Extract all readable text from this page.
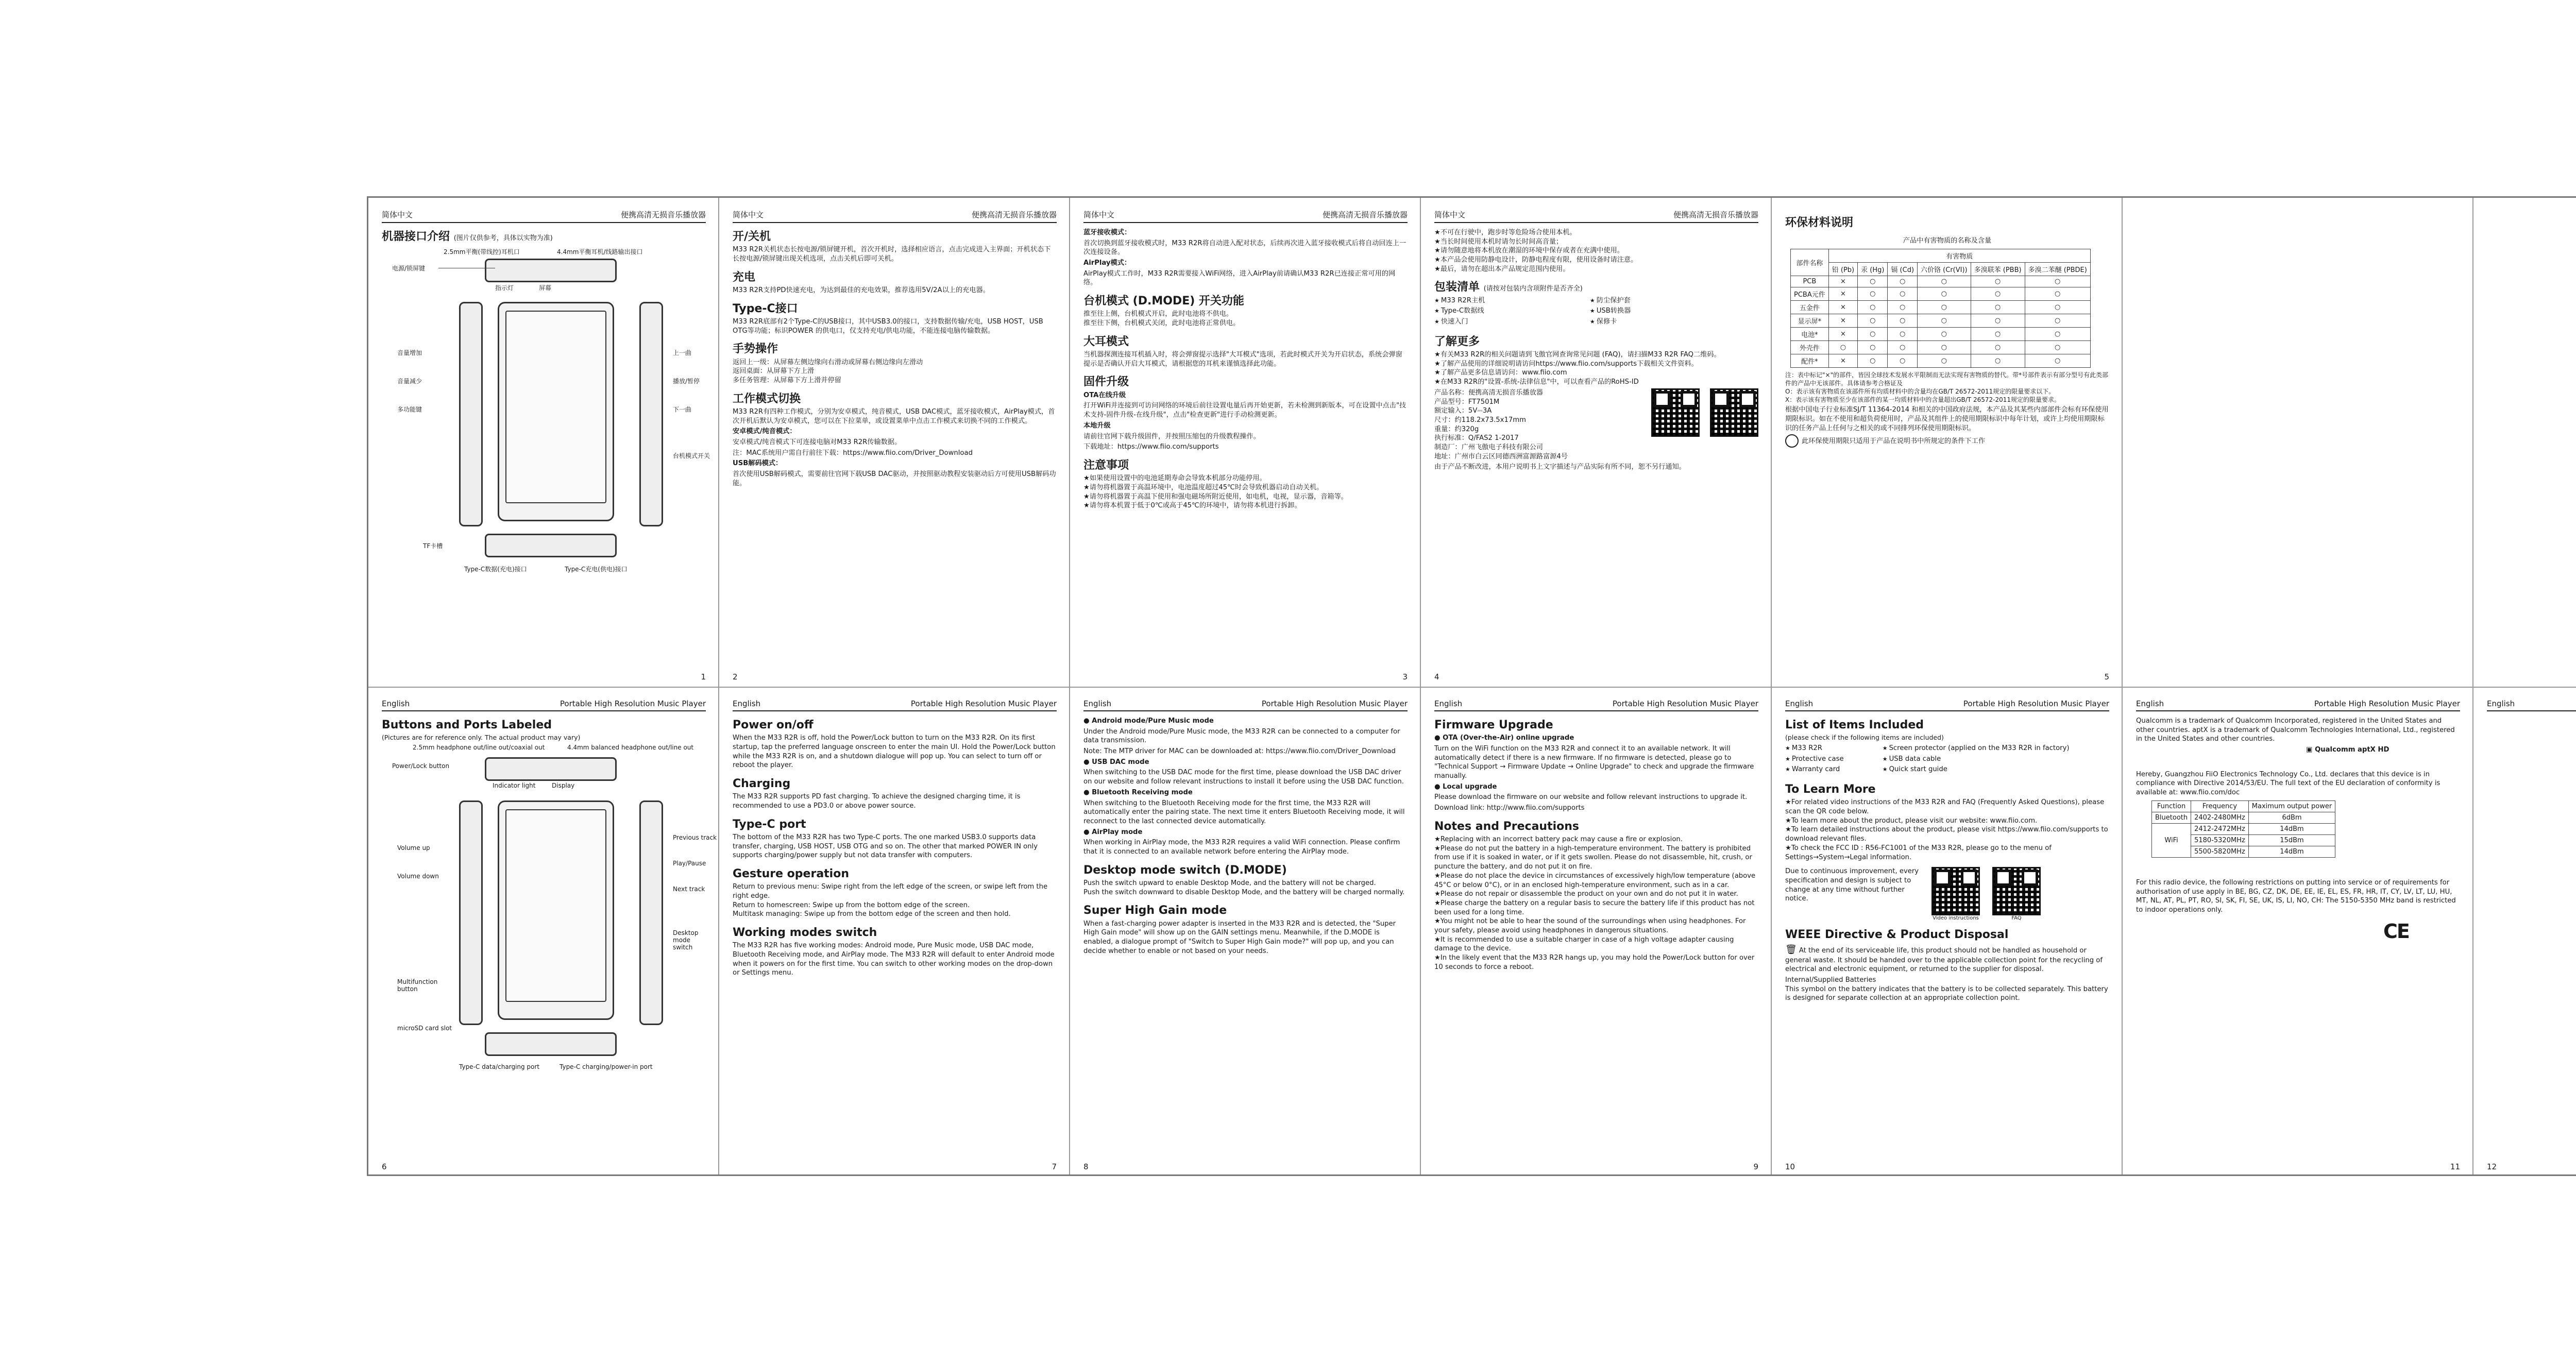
简体中文	便携高清无损音乐播放器
机器接口介绍 (图片仅供参考，具体以实物为准)
2.5mm平衡(带线控)耳机口	4.4mm平衡耳机/线路输出接口
电源/锁屏键
指示灯	屏幕
音量增加
音量减少
多功能键
上一曲
播放/暂停
下一曲
台机模式开关
TF卡槽
Type-C数据(充电)接口	Type-C充电(供电)接口
1
简体中文	便携高清无损音乐播放器
开/关机

M33 R2R关机状态长按电源/锁屏键开机，首次开机时，选择相应语言，点击完成进入主界面；开机状态下长按电源/锁屏键出现关机选项，点击关机后即可关机。

充电

M33 R2R支持PD快速充电，为达到最佳的充电效果，推荐选用5V/2A以上的充电器。

Type-C接口

M33 R2R底部有2个Type-C的USB接口，其中USB3.0的接口，支持数据传输/充电，USB HOST，USB OTG等功能；标识POWER 的供电口，仅支持充电/供电功能，不能连接电脑传输数据。

手势操作

返回上一级：从屏幕左侧边缘向右滑动或屏幕右侧边缘向左滑动
返回桌面：从屏幕下方上滑
多任务管理：从屏幕下方上滑并停留

工作模式切换

M33 R2R有四种工作模式，分别为安卓模式，纯音模式，USB DAC模式，蓝牙接收模式，AirPlay模式，首次开机后默认为安卓模式，您可以在下拉菜单，或设置菜单中点击工作模式来切换不同的工作模式。

安卓模式/纯音模式：

安卓模式/纯音模式下可连接电脑对M33 R2R传输数据。

注：MAC系统用户需自行前往下载：https://www.fiio.com/Driver_Download

USB解码模式：

首次使用USB解码模式，需要前往官网下载USB DAC驱动，并按照驱动教程安装驱动后方可使用USB解码功能。

2
简体中文	便携高清无损音乐播放器

蓝牙接收模式：

首次切换到蓝牙接收模式时，M33 R2R将自动进入配对状态，后续再次进入蓝牙接收模式后将自动回连上一次连接设备。

AirPlay模式：

AirPlay模式工作时，M33 R2R需要接入WiFi网络，进入AirPlay前请确认M33 R2R已连接正常可用的网络。

台机模式 (D.MODE) 开关功能

推至往上侧，台机模式开启，此时电池将不供电。
推至往下侧，台机模式关闭，此时电池将正常供电。

大耳模式

当机器探测连接耳机插入时，将会弹窗提示选择"大耳模式"选项，若此时模式开关为开启状态，系统会弹窗提示是否确认开启大耳模式，请根据您的耳机来谨慎选择此功能。

固件升级

OTA在线升级

打开WiFi并连接到可访问网络的环境后前往设置电量后再开始更新，若未检测到新版本，可在设置中点击"技术支持-固件升级-在线升级"，点击"检查更新"进行手动检测更新。

本地升级

请前往官网下载升级固件，并按照压缩包的升级教程操作。

下载地址：https://www.fiio.com/supports

注意事项

★如果使用设置中的电池延期寿命会导致本机部分功能停用。
★请勿将机器置于高温环境中，电池温度超过45℃时会导致机器启动自动关机。
★请勿将机器置于高温下使用和强电磁场所附近使用，如电机，电视，显示器，音箱等。
★请勿将本机置于低于0℃或高于45℃的环境中，请勿将本机进行拆卸。

3
简体中文	便携高清无损音乐播放器

★不可在行驶中，跑步时等危险场合使用本机。
★当长时间使用本机时请勿长时间高音量；
★请勿随意地将本机放在潮湿的环境中保存或者在充满中使用。
★本产品会使用防静电设计，防静电程度有限，使用设备时请注意。
★最后，请勿在超出本产品规定范围内使用。

包装清单 (请按对包装内含项附件是否齐全)
★ M33 R2R主机	★ 防尘保护套
★ Type-C数据线	★ USB转换器
★ 快速入门	★ 保修卡
了解更多

★有关M33 R2R的相关问题请到飞傲官网查询常见问题 (FAQ)，请扫描M33 R2R FAQ二维码。
★了解产品使用的详细说明请访问https://www.fiio.com/supports下载相关文件资料。
★了解产品更多信息请访问：www.fiio.com
★在M33 R2R的"设置-系统-法律信息"中，可以查看产品的RoHS-ID

产品名称：便携高清无损音乐播放器
产品型号：FT7501M
额定输入：5V⎓3A
尺寸：约118.2x73.5x17mm
重量：约320g
执行标准：Q/FAS2 1-2017
制造厂：广州飞傲电子科技有限公司
地址：广州市白云区同德西洲富源路富源4号

由于产品不断改进，本用户说明书上文字描述与产品实际有所不同，恕不另行通知。

4
环保材料说明

产品中有害物质的名称及含量

部件名称	有害物质					
	铅 (Pb)	汞 (Hg)	镉 (Cd)	六价铬 (Cr(VI))	多溴联苯 (PBB)	多溴二苯醚 (PBDE)
PCB	×	○	○	○	○	○
PCBA元件	×	○	○	○	○	○
五金件	×	○	○	○	○	○
显示屏*	×	○	○	○	○	○
电池*	×	○	○	○	○	○
外壳件	○	○	○	○	○	○
配件*	×	○	○	○	○	○

注：表中标记"×"的部件，皆因全球技术发展水平限制而无法实现有害物质的替代。带*号部件表示有部分型号有此类部件的产品中无该部件。具体请参考合格证及
O：表示该有害物质在该部件所有均质材料中的含量均在GB/T 26572-2011规定的限量要求以下。
X：表示该有害物质至少在该部件的某一均质材料中的含量超出GB/T 26572-2011规定的限量要求。

根据中国电子行业标准SJ/T 11364-2014 和相关的中国政府法规，本产品及其某些内部部件会标有环保使用期限标识。如在不使用和超负荷使用时，产品及其组件上的使用期限标识中每年计划，或许上均使用期限标识的任务产品上任何与之相关的或不同排列环保使用期限标识。

此环保使用期限只适用于产品在说明书中所规定的条件下工作

5
English	Portable High Resolution Music Player
Buttons and Ports Labeled

(Pictures are for reference only. The actual product may vary)

2.5mm headphone out/line out/coaxial out	4.4mm balanced headphone out/line out
Power/Lock button
Indicator light	Display
Volume up
Volume down
Multifunction button
microSD card slot
Previous track
Play/Pause
Next track
Desktop mode switch
Type-C data/charging port	Type-C charging/power-in port
6
English	Portable High Resolution Music Player
Power on/off

When the M33 R2R is off, hold the Power/Lock button to turn on the M33 R2R. On its first startup, tap the preferred language onscreen to enter the main UI. Hold the Power/Lock button while the M33 R2R is on, and a shutdown dialogue will pop up. You can select to turn off or reboot the player.

Charging

The M33 R2R supports PD fast charging. To achieve the designed charging time, it is recommended to use a PD3.0 or above power source.

Type-C port

The bottom of the M33 R2R has two Type-C ports. The one marked USB3.0 supports data transfer, charging, USB HOST, USB OTG and so on. The other that marked POWER IN only supports charging/power supply but not data transfer with computers.

Gesture operation

Return to previous menu: Swipe right from the left edge of the screen, or swipe left from the right edge.
Return to homescreen: Swipe up from the bottom edge of the screen.
Multitask managing: Swipe up from the bottom edge of the screen and then hold.

Working modes switch

The M33 R2R has five working modes: Android mode, Pure Music mode, USB DAC mode, Bluetooth Receiving mode, and AirPlay mode. The M33 R2R will default to enter Android mode when it powers on for the first time. You can switch to other working modes on the drop-down or Settings menu.

7
English	Portable High Resolution Music Player

● Android mode/Pure Music mode

Under the Android mode/Pure Music mode, the M33 R2R can be connected to a computer for data transmission.

Note: The MTP driver for MAC can be downloaded at: https://www.fiio.com/Driver_Download

● USB DAC mode

When switching to the USB DAC mode for the first time, please download the USB DAC driver on our website and follow relevant instructions to install it before using the USB DAC function.

● Bluetooth Receiving mode

When switching to the Bluetooth Receiving mode for the first time, the M33 R2R will automatically enter the pairing state. The next time it enters Bluetooth Receiving mode, it will reconnect to the last connected device automatically.

● AirPlay mode

When working in AirPlay mode, the M33 R2R requires a valid WiFi connection. Please confirm that it is connected to an available network before entering the AirPlay mode.

Desktop mode switch (D.MODE)

Push the switch upward to enable Desktop Mode, and the battery will not be charged.
Push the switch downward to disable Desktop Mode, and the battery will be charged normally.

Super High Gain mode

When a fast-charging power adapter is inserted in the M33 R2R and is detected, the "Super High Gain mode" will show up on the GAIN settings menu. Meanwhile, if the D.MODE is enabled, a dialogue prompt of "Switch to Super High Gain mode?" will pop up, and you can decide whether to enable or not based on your needs.

8
English	Portable High Resolution Music Player
Firmware Upgrade

● OTA (Over-the-Air) online upgrade

Turn on the WiFi function on the M33 R2R and connect it to an available network. It will automatically detect if there is a new firmware. If no firmware is detected, please go to "Technical Support → Firmware Update → Online Upgrade" to check and upgrade the firmware manually.

● Local upgrade

Please download the firmware on our website and follow relevant instructions to upgrade it.

Download link: http://www.fiio.com/supports

Notes and Precautions

★Replacing with an incorrect battery pack may cause a fire or explosion.
★Please do not put the battery in a high-temperature environment. The battery is prohibited from use if it is soaked in water, or if it gets swollen. Please do not disassemble, hit, crush, or puncture the battery, and do not put it on fire.
★Please do not place the device in circumstances of excessively high/low temperature (above 45°C or below 0°C), or in an enclosed high-temperature environment, such as in a car.
★Please do not repair or disassemble the product on your own and do not put it in water.
★Please charge the battery on a regular basis to secure the battery life if this product has not been used for a long time.
★You might not be able to hear the sound of the surroundings when using headphones. For your safety, please avoid using headphones in dangerous situations.
★It is recommended to use a suitable charger in case of a high voltage adapter causing damage to the device.
★In the likely event that the M33 R2R hangs up, you may hold the Power/Lock button for over 10 seconds to force a reboot.

9
English	Portable High Resolution Music Player
List of Items Included

(please check if the following items are included)

★ M33 R2R	★ Screen protector (applied on the M33 R2R in factory)
★ Protective case	★ USB data cable
★ Warranty card	★ Quick start guide
To Learn More

★For related video instructions of the M33 R2R and FAQ (Frequently Asked Questions), please scan the QR code below.
★To learn more about the product, please visit our website: www.fiio.com.
★To learn detailed instructions about the product, please visit https://www.fiio.com/supports to download relevant files.
★To check the FCC ID : R56-FC1001 of the M33 R2R, please go to the menu of Settings→System→Legal information.

Due to continuous improvement, every specification and design is subject to change at any time without further notice.

Video instructions	FAQ
WEEE Directive & Product Disposal

🗑 At the end of its serviceable life, this product should not be handled as household or general waste. It should be handed over to the applicable collection point for the recycling of electrical and electronic equipment, or returned to the supplier for disposal.

Internal/Supplied Batteries
This symbol on the battery indicates that the battery is to be collected separately. This battery is designed for separate collection at an appropriate collection point.

10
English	Portable High Resolution Music Player

Qualcomm is a trademark of Qualcomm Incorporated, registered in the United States and other countries. aptX is a trademark of Qualcomm Technologies International, Ltd., registered in the United States and other countries.

▣ Qualcomm aptX HD

Hereby, Guangzhou FiiO Electronics Technology Co., Ltd. declares that this device is in compliance with Directive 2014/53/EU. The full text of the EU declaration of conformity is available at: www.fiio.com/doc

Function	Frequency	Maximum output power
Bluetooth	2402-2480MHz	6dBm
WiFi	2412-2472MHz	14dBm
	5180-5320MHz	15dBm
	5500-5820MHz	14dBm

For this radio device, the following restrictions on putting into service or of requirements for authorisation of use apply in BE, BG, CZ, DK, DE, EE, IE, EL, ES, FR, HR, IT, CY, LV, LT, LU, HU, MT, NL, AT, PL, PT, RO, SI, SK, FI, SE, UK, IS, LI, NO, CH: The 5150-5350 MHz band is restricted to indoor operations only.

CE
11
English
12
